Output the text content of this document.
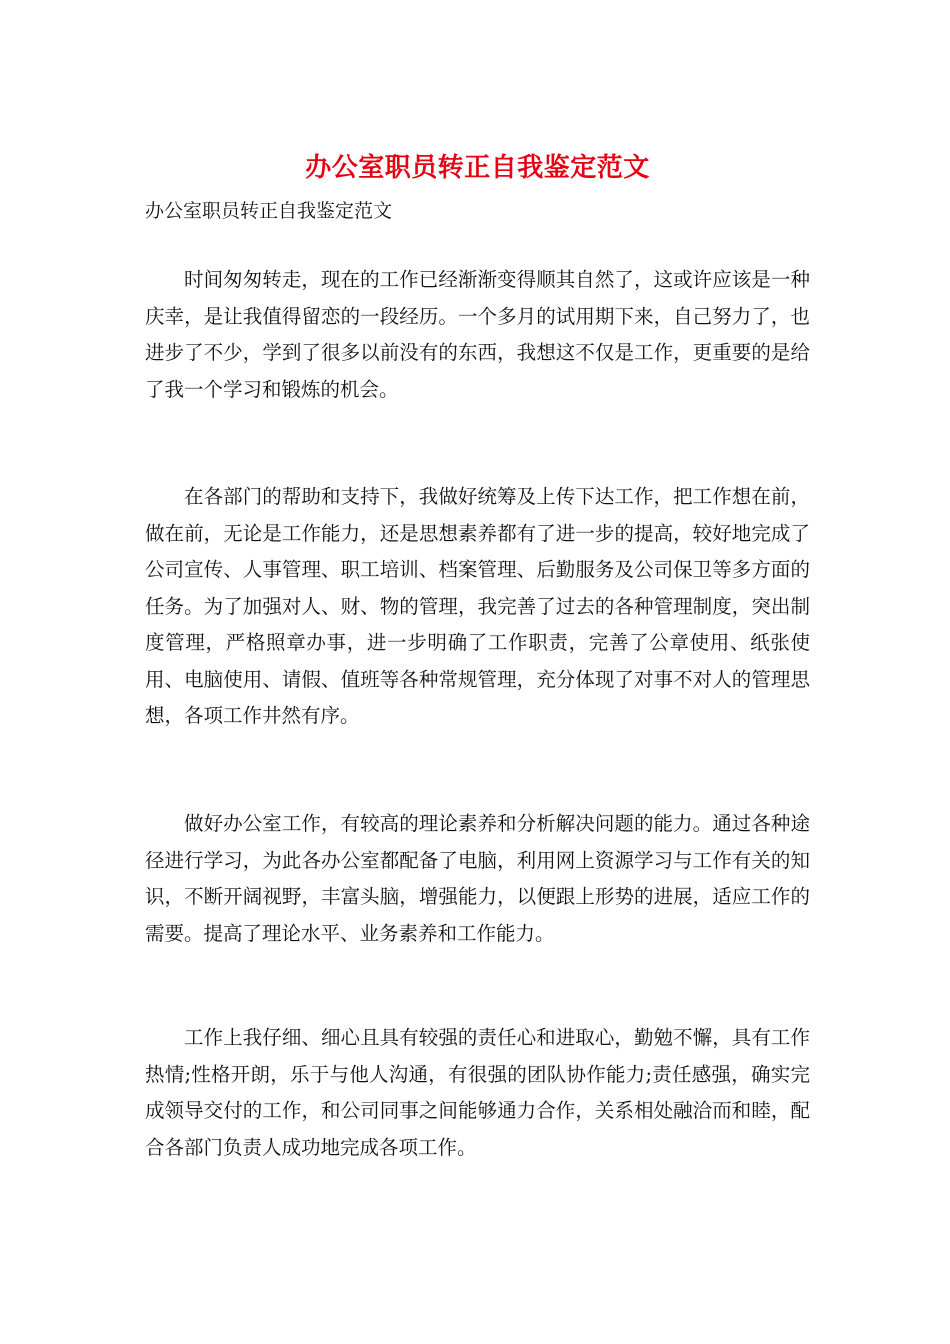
办公室职员转正自我鉴定范文

办公室职员转正自我鉴定范文

时间匆匆转走，现在的工作已经渐渐变得顺其自然了，这或许应该是一种庆幸，是让我值得留恋的一段经历。一个多月的试用期下来，自己努力了，也进步了不少，学到了很多以前没有的东西，我想这不仅是工作，更重要的是给了我一个学习和锻炼的机会。

在各部门的帮助和支持下，我做好统筹及上传下达工作，把工作想在前，做在前，无论是工作能力，还是思想素养都有了进一步的提高，较好地完成了公司宣传、人事管理、职工培训、档案管理、后勤服务及公司保卫等多方面的任务。为了加强对人、财、物的管理，我完善了过去的各种管理制度，突出制度管理，严格照章办事，进一步明确了工作职责，完善了公章使用、纸张使用、电脑使用、请假、值班等各种常规管理，充分体现了对事不对人的管理思想，各项工作井然有序。

做好办公室工作，有较高的理论素养和分析解决问题的能力。通过各种途径进行学习，为此各办公室都配备了电脑，利用网上资源学习与工作有关的知识，不断开阔视野，丰富头脑，增强能力，以便跟上形势的进展，适应工作的需要。提高了理论水平、业务素养和工作能力。

工作上我仔细、细心且具有较强的责任心和进取心，勤勉不懈，具有工作热情;性格开朗，乐于与他人沟通，有很强的团队协作能力;责任感强，确实完成领导交付的工作，和公司同事之间能够通力合作，关系相处融洽而和睦，配合各部门负责人成功地完成各项工作。
